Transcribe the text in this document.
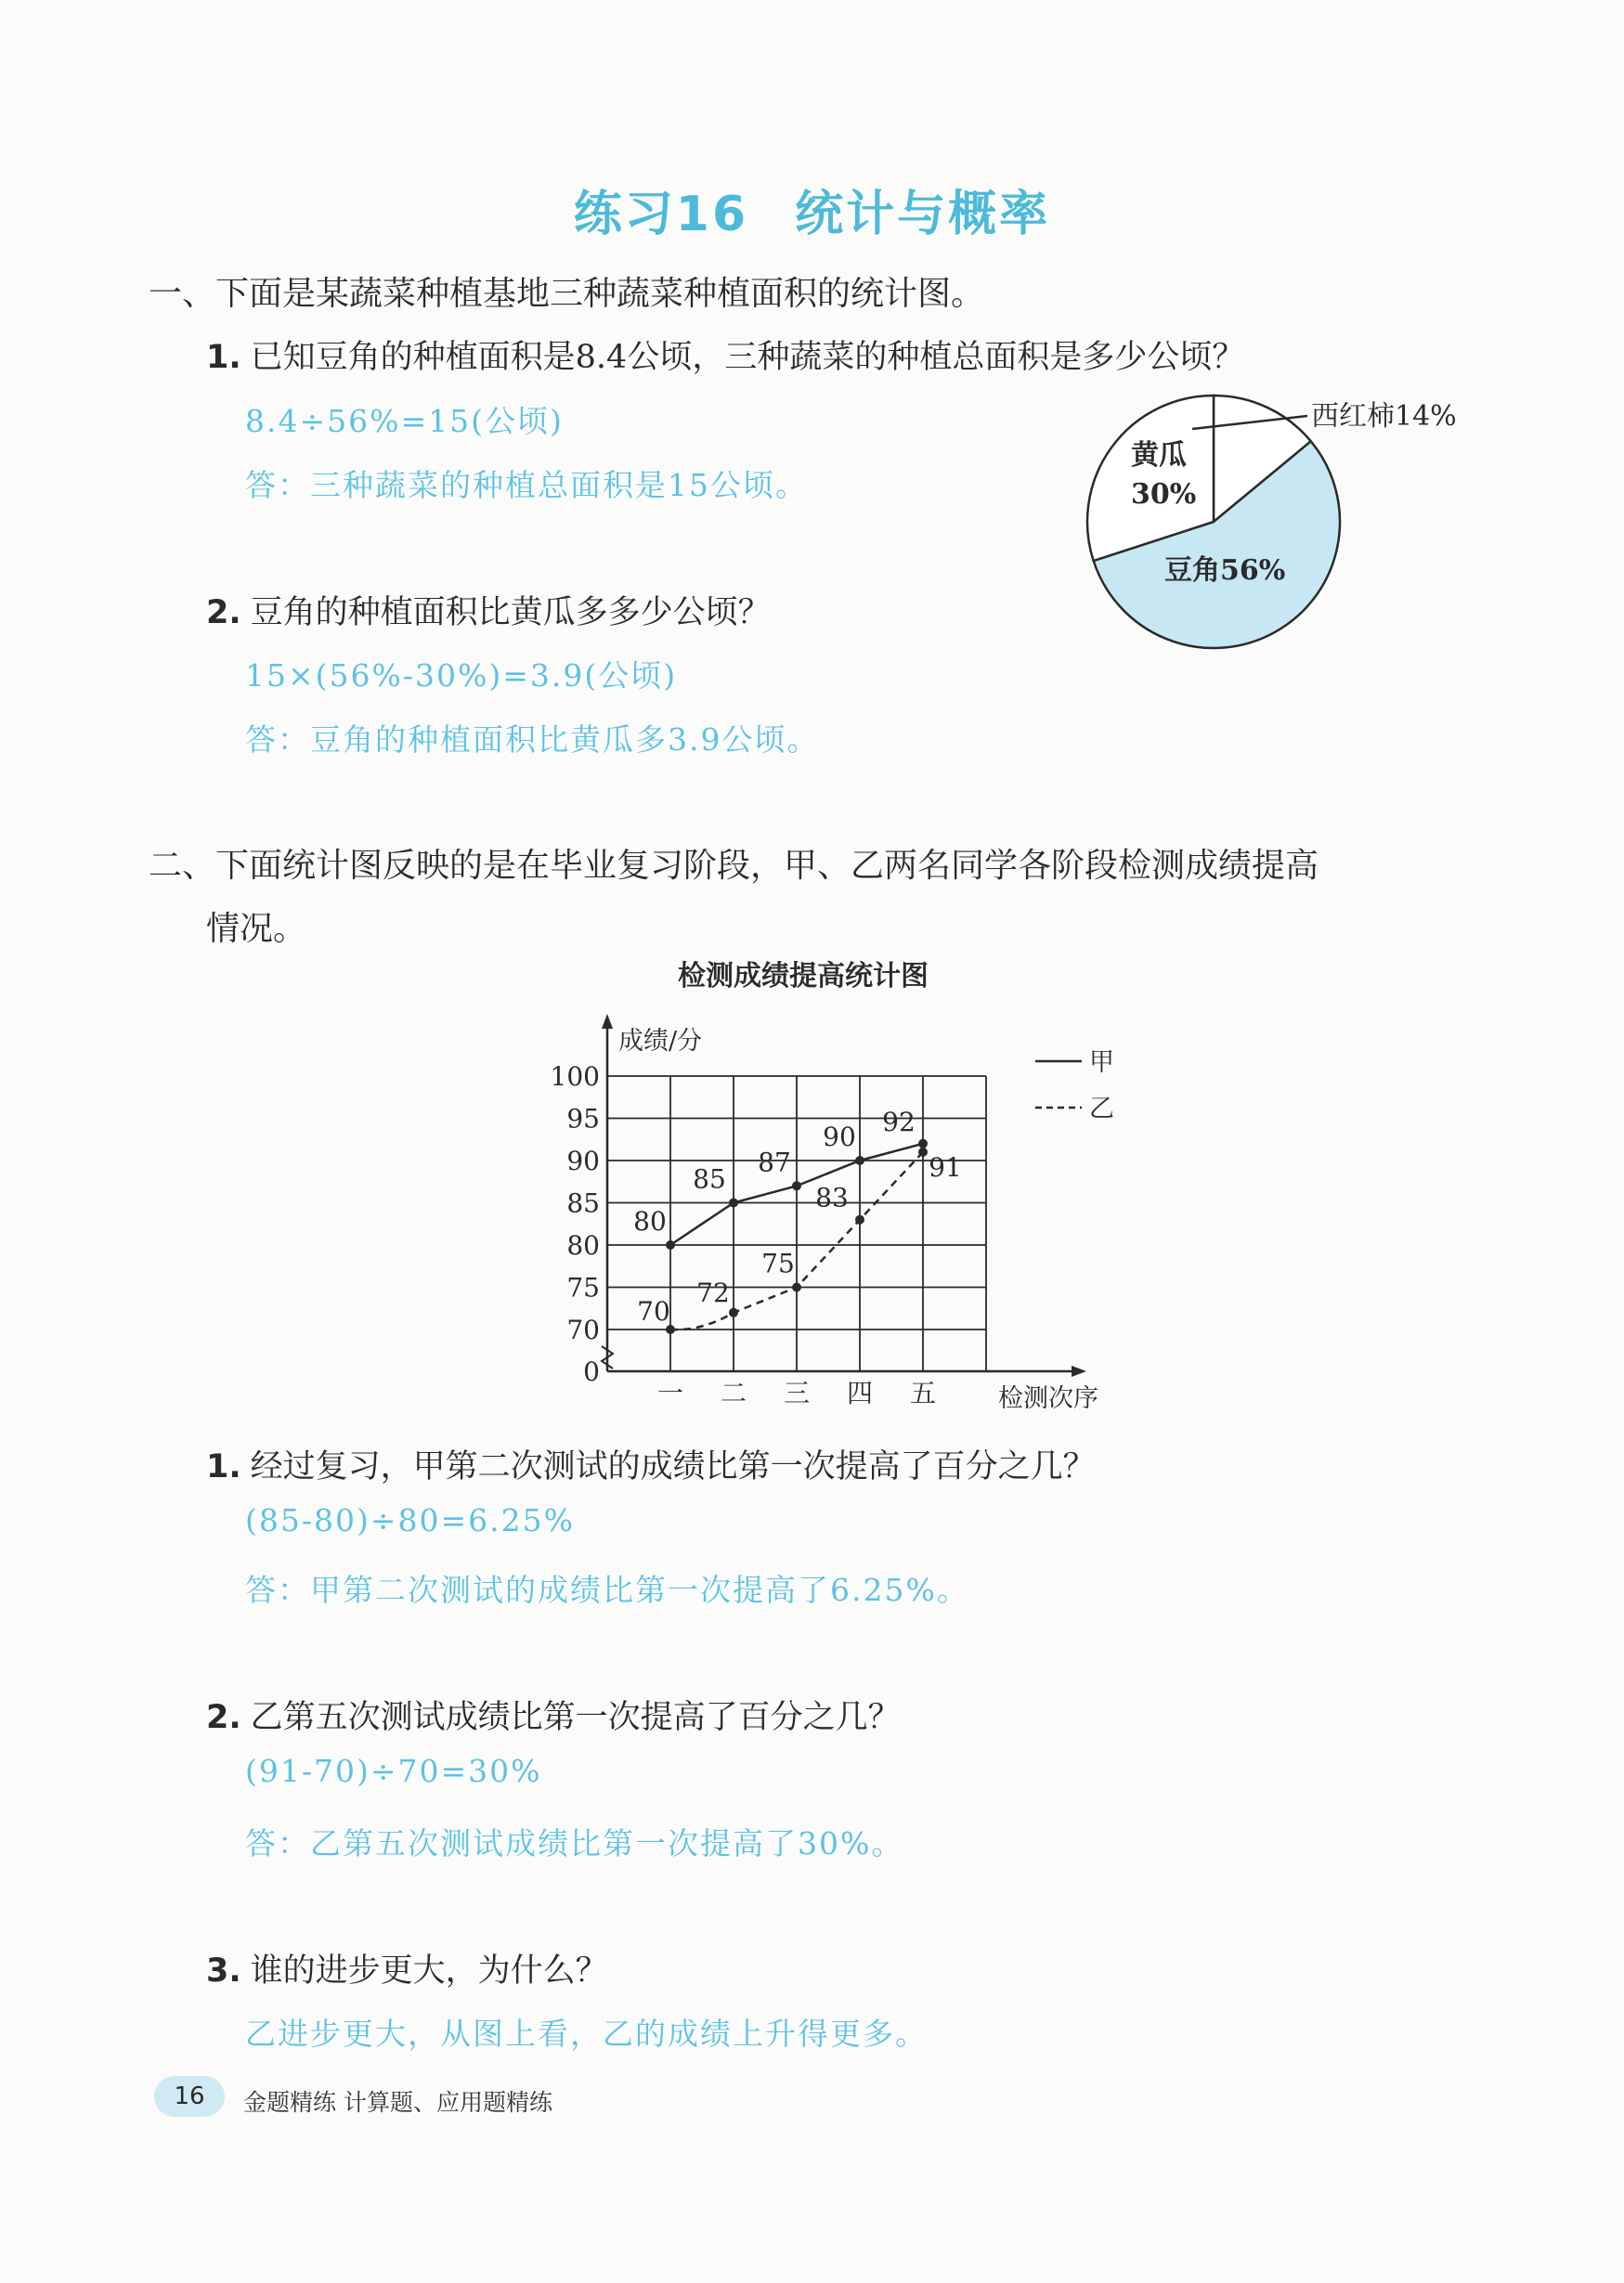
练习16 统计与概率
一、下面是某蔬菜种植基地三种蔬菜种植面积的统计图。
1. 已知豆角的种植面积是8.4公顷，三种蔬菜的种植总面积是多少公顷？
8.4÷56%=15(公顷)
答：三种蔬菜的种植总面积是15公顷。
2. 豆角的种植面积比黄瓜多多少公顷？
15×(56%-30%)=3.9(公顷)
答：豆角的种植面积比黄瓜多3.9公顷。
西红柿14%
黄瓜
30%
豆角56%
二、下面统计图反映的是在毕业复习阶段，甲、乙两名同学各阶段检测成绩提高
情况。
检测成绩提高统计图
成绩/分
检测次序
0
70
75
80
85
90
95
100
一 二 三 四 五
80
85
87
90 92
70
72
75
83
91
甲
乙
1. 经过复习，甲第二次测试的成绩比第一次提高了百分之几？
(85-80)÷80=6.25%
答：甲第二次测试的成绩比第一次提高了6.25%。
2. 乙第五次测试成绩比第一次提高了百分之几？
(91-70)÷70=30%
答：乙第五次测试成绩比第一次提高了30%。
3. 谁的进步更大，为什么？
乙进步更大，从图上看，乙的成绩上升得更多。
16	金题精练 计算题、应用题精练
